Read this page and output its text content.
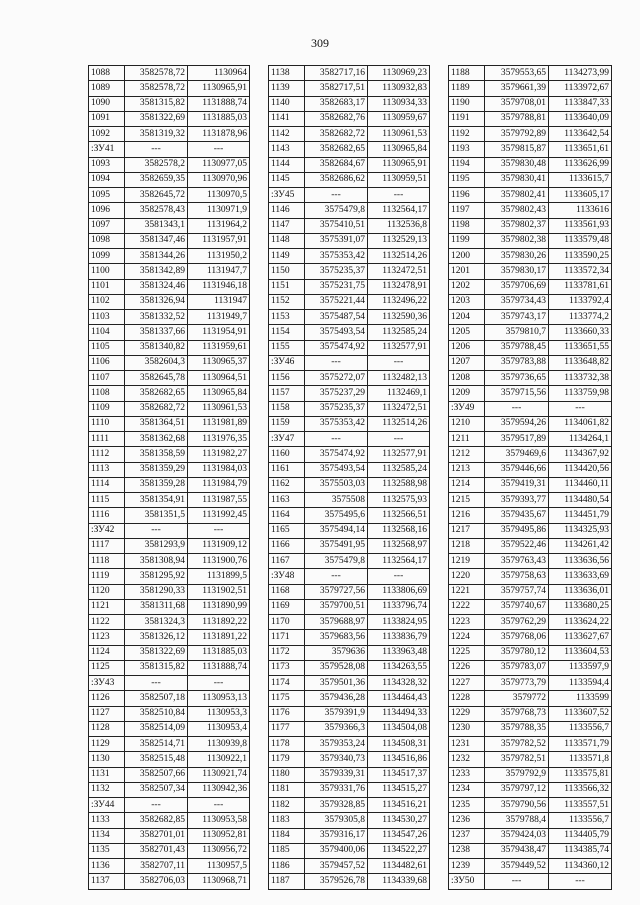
309
1088	3582578,72	1130964
1089	3582578,72	1130965,91
1090	3581315,82	1131888,74
1091	3581322,69	1131885,03
1092	3581319,32	1131878,96
:ЗУ41	---	---
1093	3582578,2	1130977,05
1094	3582659,35	1130970,96
1095	3582645,72	1130970,5
1096	3582578,43	1130971,9
1097	3581343,1	1131964,2
1098	3581347,46	1131957,91
1099	3581344,26	1131950,2
1100	3581342,89	1131947,7
1101	3581324,46	1131946,18
1102	3581326,94	1131947
1103	3581332,52	1131949,7
1104	3581337,66	1131954,91
1105	3581340,82	1131959,61
1106	3582604,3	1130965,37
1107	3582645,78	1130964,51
1108	3582682,65	1130965,84
1109	3582682,72	1130961,53
1110	3581364,51	1131981,89
1111	3581362,68	1131976,35
1112	3581358,59	1131982,27
1113	3581359,29	1131984,03
1114	3581359,28	1131984,79
1115	3581354,91	1131987,55
1116	3581351,5	1131992,45
:ЗУ42	---	---
1117	3581293,9	1131909,12
1118	3581308,94	1131900,76
1119	3581295,92	1131899,5
1120	3581290,33	1131902,51
1121	3581311,68	1131890,99
1122	3581324,3	1131892,22
1123	3581326,12	1131891,22
1124	3581322,69	1131885,03
1125	3581315,82	1131888,74
:ЗУ43	---	---
1126	3582507,18	1130953,13
1127	3582510,84	1130953,3
1128	3582514,09	1130953,4
1129	3582514,71	1130939,8
1130	3582515,48	1130922,1
1131	3582507,66	1130921,74
1132	3582507,34	1130942,36
:ЗУ44	---	---
1133	3582682,85	1130953,58
1134	3582701,01	1130952,81
1135	3582701,43	1130956,72
1136	3582707,11	1130957,5
1137	3582706,03	1130968,71
1138	3582717,16	1130969,23
1139	3582717,51	1130932,83
1140	3582683,17	1130934,33
1141	3582682,76	1130959,67
1142	3582682,72	1130961,53
1143	3582682,65	1130965,84
1144	3582684,67	1130965,91
1145	3582686,62	1130959,51
:ЗУ45	---	---
1146	3575479,8	1132564,17
1147	3575410,51	1132536,8
1148	3575391,07	1132529,13
1149	3575353,42	1132514,26
1150	3575235,37	1132472,51
1151	3575231,75	1132478,91
1152	3575221,44	1132496,22
1153	3575487,54	1132590,36
1154	3575493,54	1132585,24
1155	3575474,92	1132577,91
:ЗУ46	---	---
1156	3575272,07	1132482,13
1157	3575237,29	1132469,1
1158	3575235,37	1132472,51
1159	3575353,42	1132514,26
:ЗУ47	---	---
1160	3575474,92	1132577,91
1161	3575493,54	1132585,24
1162	3575503,03	1132588,98
1163	3575508	1132575,93
1164	3575495,6	1132566,51
1165	3575494,14	1132568,16
1166	3575491,95	1132568,97
1167	3575479,8	1132564,17
:ЗУ48	---	---
1168	3579727,56	1133806,69
1169	3579700,51	1133796,74
1170	3579688,97	1133824,95
1171	3579683,56	1133836,79
1172	3579636	1133963,48
1173	3579528,08	1134263,55
1174	3579501,36	1134328,32
1175	3579436,28	1134464,43
1176	3579391,9	1134494,33
1177	3579366,3	1134504,08
1178	3579353,24	1134508,31
1179	3579340,73	1134516,86
1180	3579339,31	1134517,37
1181	3579331,76	1134515,27
1182	3579328,85	1134516,21
1183	3579305,8	1134530,27
1184	3579316,17	1134547,26
1185	3579400,06	1134522,27
1186	3579457,52	1134482,61
1187	3579526,78	1134339,68
1188	3579553,65	1134273,99
1189	3579661,39	1133972,67
1190	3579708,01	1133847,33
1191	3579788,81	1133640,09
1192	3579792,89	1133642,54
1193	3579815,87	1133651,61
1194	3579830,48	1133626,99
1195	3579830,41	1133615,7
1196	3579802,41	1133605,17
1197	3579802,43	1133616
1198	3579802,37	1133561,93
1199	3579802,38	1133579,48
1200	3579830,26	1133590,25
1201	3579830,17	1133572,34
1202	3579706,69	1133781,61
1203	3579734,43	1133792,4
1204	3579743,17	1133774,2
1205	3579810,7	1133660,33
1206	3579788,45	1133651,55
1207	3579783,88	1133648,82
1208	3579736,65	1133732,38
1209	3579715,56	1133759,98
:ЗУ49	---	---
1210	3579594,26	1134061,82
1211	3579517,89	1134264,1
1212	3579469,6	1134367,92
1213	3579446,66	1134420,56
1214	3579419,31	1134460,11
1215	3579393,77	1134480,54
1216	3579435,67	1134451,79
1217	3579495,86	1134325,93
1218	3579522,46	1134261,42
1219	3579763,43	1133636,56
1220	3579758,63	1133633,69
1221	3579757,74	1133636,01
1222	3579740,67	1133680,25
1223	3579762,29	1133624,22
1224	3579768,06	1133627,67
1225	3579780,12	1133604,53
1226	3579783,07	1133597,9
1227	3579773,79	1133594,4
1228	3579772	1133599
1229	3579768,73	1133607,52
1230	3579788,35	1133556,7
1231	3579782,52	1133571,79
1232	3579782,51	1133571,8
1233	3579792,9	1133575,81
1234	3579797,12	1133566,32
1235	3579790,56	1133557,51
1236	3579788,4	1133556,7
1237	3579424,03	1134405,79
1238	3579438,47	1134385,74
1239	3579449,52	1134360,12
:ЗУ50	---	---
